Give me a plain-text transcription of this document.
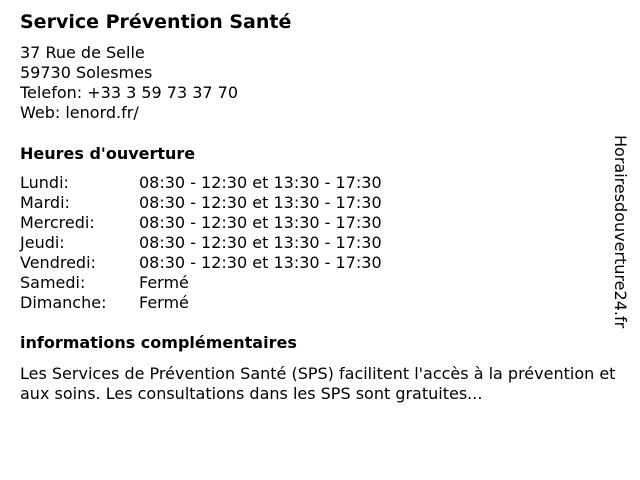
Service Prévention Santé
37 Rue de Selle
59730 Solesmes
Telefon: +33 3 59 73 37 70
Web: lenord.fr/
Heures d'ouverture
Lundi:	08:30 - 12:30 et 13:30 - 17:30
Mardi:	08:30 - 12:30 et 13:30 - 17:30
Mercredi:	08:30 - 12:30 et 13:30 - 17:30
Jeudi:	08:30 - 12:30 et 13:30 - 17:30
Vendredi:	08:30 - 12:30 et 13:30 - 17:30
Samedi:	Fermé
Dimanche:	Fermé
informations complémentaires
Les Services de Prévention Santé (SPS) facilitent l'accès à la prévention et aux soins. Les consultations dans les SPS sont gratuites...
Horairesdouverture24.fr
